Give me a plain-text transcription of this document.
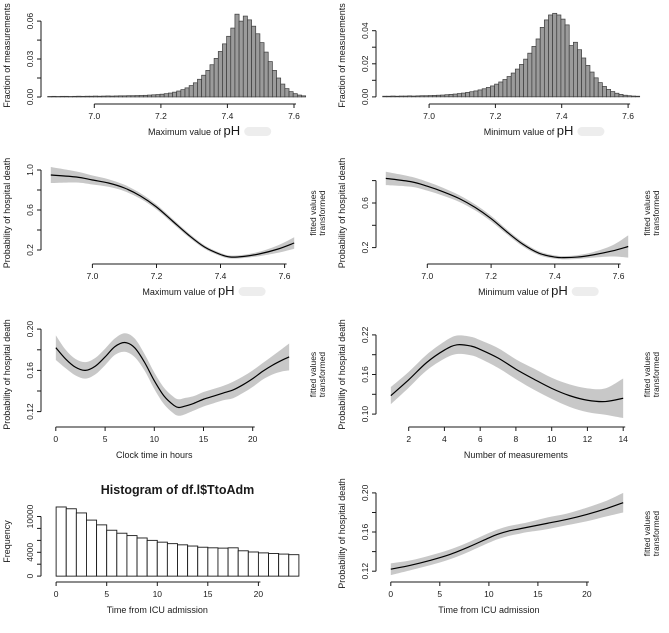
7.0	7.2	7.4	7.6
0.00
0.03
0.06
Fraction of measurements
Maximum value of pH
7.0	7.2	7.4	7.6
0.00
0.02
0.04
Fraction of measurements
Minimum value of pH
7.0	7.2	7.4	7.6
0.2
0.6
1.0
Probability of hospital death
Maximum value of pH
fitted values transformed
7.0	7.2	7.4	7.6
0.2
0.6
Probability of hospital death
Minimum value of pH
fitted values transformed
0	5	10	15	20
0.12
0.16
0.20
Probability of hospital death
Clock time in hours
fitted values transformed
2	4	6	8	10	12	14
0.10
0.16
0.22
Probability of hospital death
Number of measurements
fitted values transformed
0	5	10	15	20
0
4000
10000
Frequency
Time from ICU admission
Histogram of df.l$TtoAdm
0	5	10	15	20
0.12
0.16
0.20
Probability of hospital death
Time from ICU admission
fitted values transformed
